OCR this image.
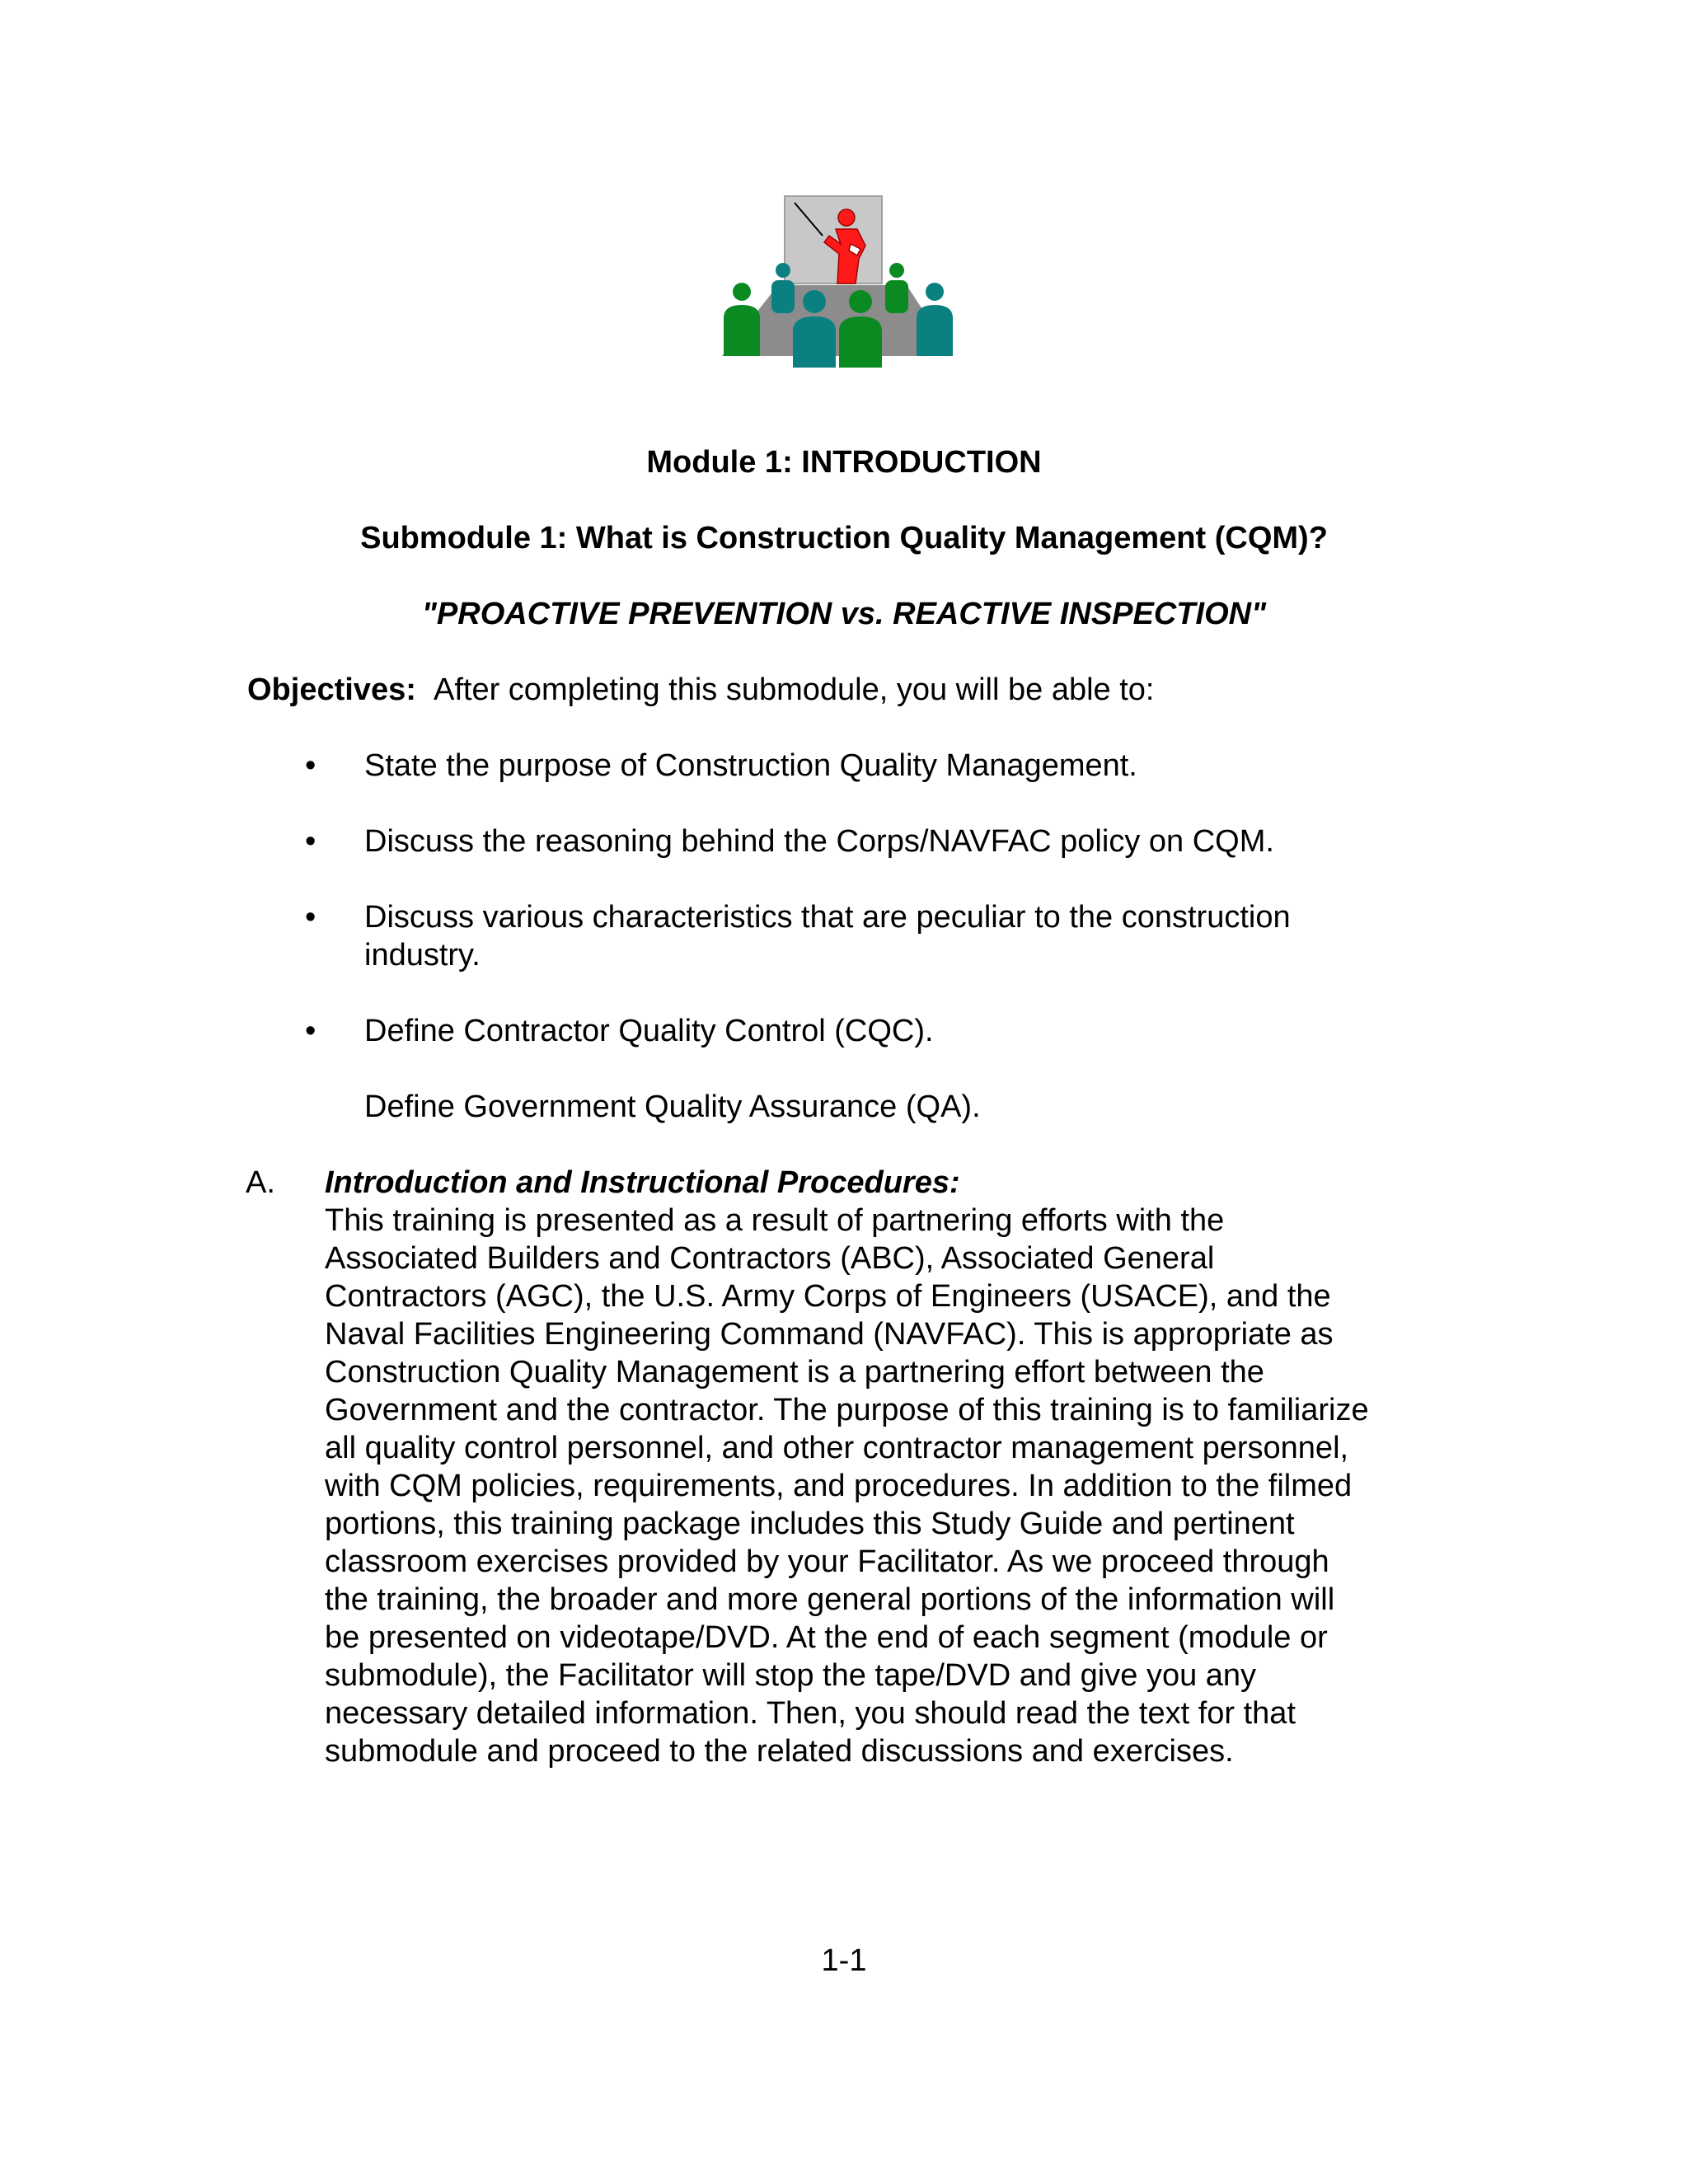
Module 1: INTRODUCTION
Submodule 1: What is Construction Quality Management (CQM)?
"PROACTIVE PREVENTION vs. REACTIVE INSPECTION"
Objectives: After completing this submodule, you will be able to:
•	State the purpose of Construction Quality Management.
•	Discuss the reasoning behind the Corps/NAVFAC policy on CQM.
•	Discuss various characteristics that are peculiar to the construction industry.
•	Define Contractor Quality Control (CQC).
Define Government Quality Assurance (QA).
A. Introduction and Instructional Procedures:
This training is presented as a result of partnering efforts with the
Associated Builders and Contractors (ABC), Associated General
Contractors (AGC), the U.S. Army Corps of Engineers (USACE), and the
Naval Facilities Engineering Command (NAVFAC). This is appropriate as
Construction Quality Management is a partnering effort between the
Government and the contractor. The purpose of this training is to familiarize
all quality control personnel, and other contractor management personnel,
with CQM policies, requirements, and procedures. In addition to the filmed
portions, this training package includes this Study Guide and pertinent
classroom exercises provided by your Facilitator. As we proceed through
the training, the broader and more general portions of the information will
be presented on videotape/DVD. At the end of each segment (module or
submodule), the Facilitator will stop the tape/DVD and give you any
necessary detailed information. Then, you should read the text for that
submodule and proceed to the related discussions and exercises.
1-1
